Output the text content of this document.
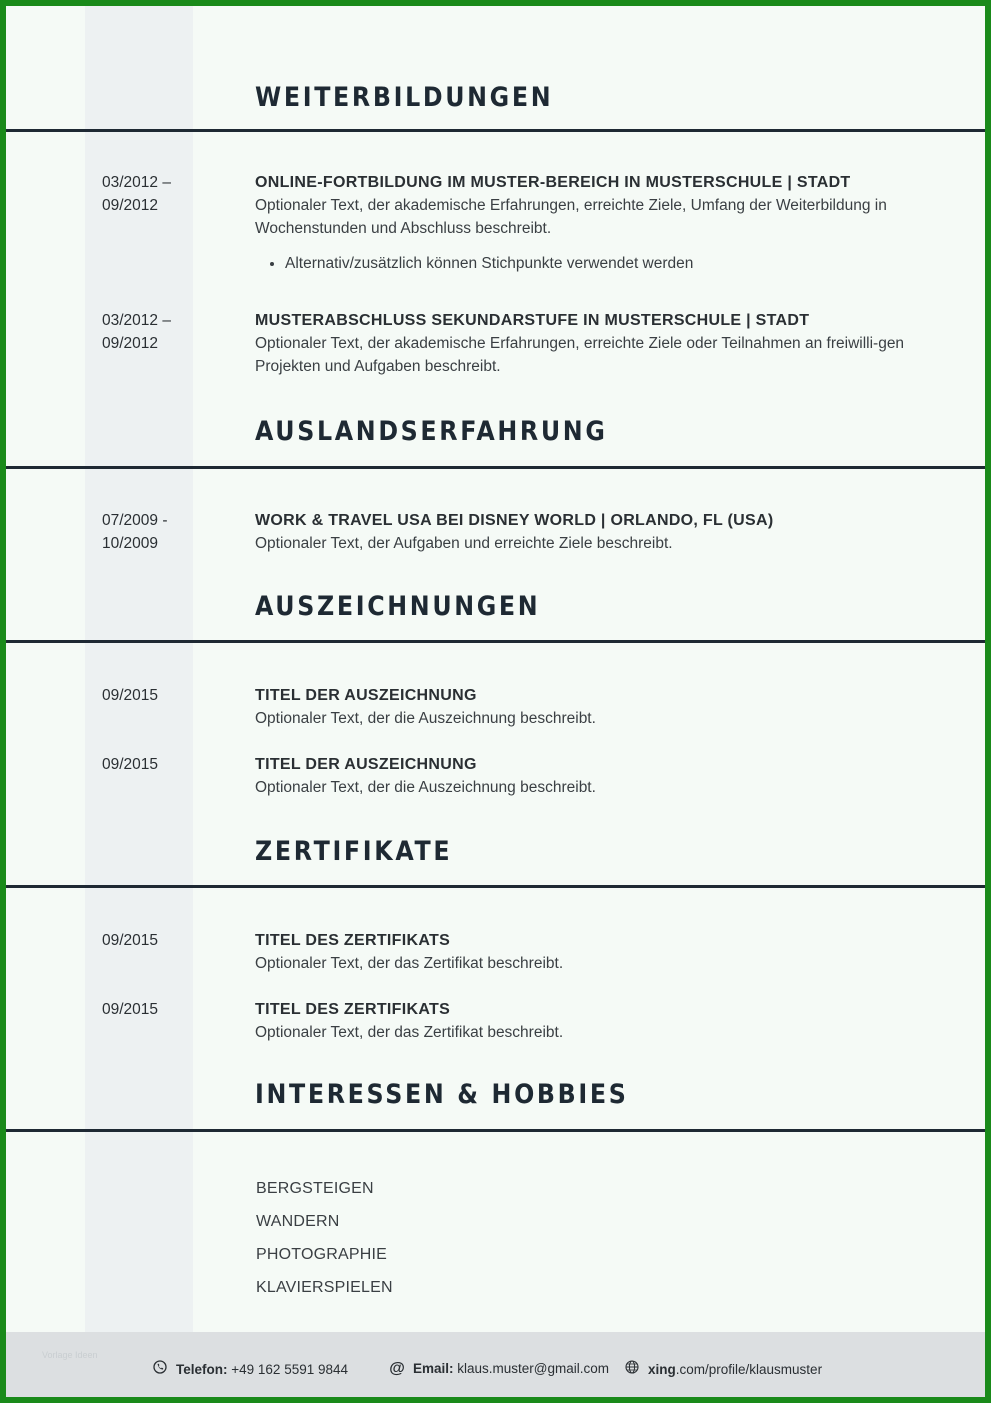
WEITERBILDUNGEN
03/2012 –
09/2012
ONLINE-FORTBILDUNG IM MUSTER-BEREICH IN MUSTERSCHULE | STADT
Optionaler Text, der akademische Erfahrungen, erreichte Ziele, Umfang der Weiterbildung in Wochenstunden und Abschluss beschreibt.
• Alternativ/zusätzlich können Stichpunkte verwendet werden
03/2012 –
09/2012
MUSTERABSCHLUSS SEKUNDARSTUFE IN MUSTERSCHULE | STADT
Optionaler Text, der akademische Erfahrungen, erreichte Ziele oder Teilnahmen an freiwilli-gen Projekten und Aufgaben beschreibt.
AUSLANDSERFAHRUNG
07/2009 -
10/2009
WORK & TRAVEL USA BEI DISNEY WORLD | ORLANDO, FL (USA)
Optionaler Text, der Aufgaben und erreichte Ziele beschreibt.
AUSZEICHNUNGEN
09/2015	TITEL DER AUSZEICHNUNG
Optionaler Text, der die Auszeichnung beschreibt.
09/2015	TITEL DER AUSZEICHNUNG
Optionaler Text, der die Auszeichnung beschreibt.
ZERTIFIKATE
09/2015	TITEL DES ZERTIFIKATS
Optionaler Text, der das Zertifikat beschreibt.
09/2015	TITEL DES ZERTIFIKATS
Optionaler Text, der das Zertifikat beschreibt.
INTERESSEN & HOBBIES
BERGSTEIGEN
WANDERN
PHOTOGRAPHIE
KLAVIERSPIELEN
Vorlage Ideen
Telefon: +49 162 5591 9844	@ Email: klaus.muster@gmail.com	xing.com/profile/klausmuster
